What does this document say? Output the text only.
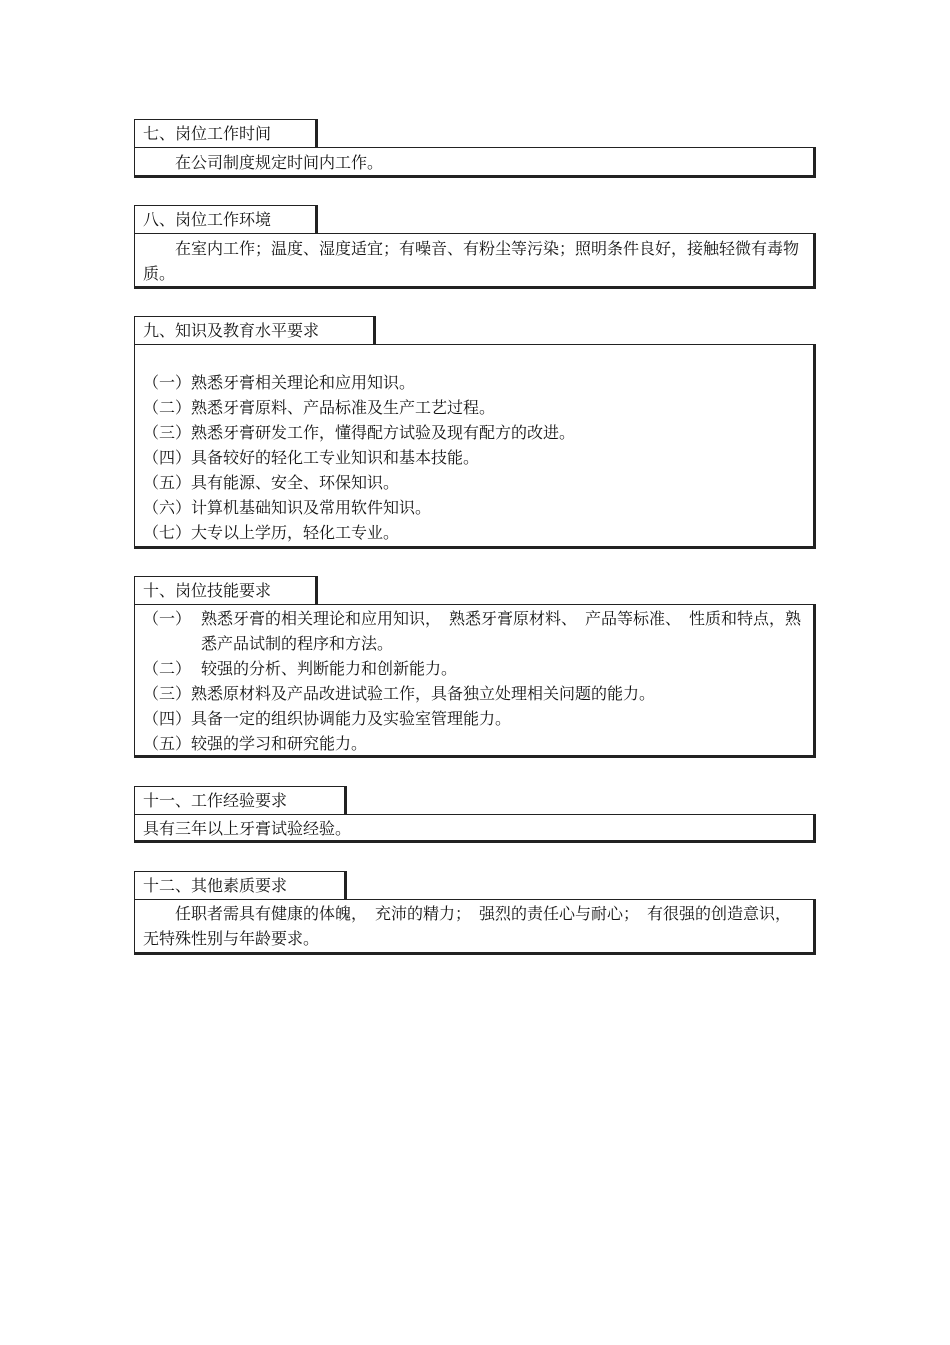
七、岗位工作时间
在公司制度规定时间内工作。
八、岗位工作环境
在室内工作；温度、湿度适宜；有噪音、有粉尘等污染；照明条件良好，接触轻微有毒物质。
九、知识及教育水平要求
（一） 熟悉牙膏相关理论和应用知识。
（二） 熟悉牙膏原料、产品标准及生产工艺过程。
（三） 熟悉牙膏研发工作，懂得配方试验及现有配方的改进。
（四） 具备较好的轻化工专业知识和基本技能。
（五） 具有能源、安全、环保知识。
（六） 计算机基础知识及常用软件知识。
（七） 大专以上学历，轻化工专业。
十、岗位技能要求
（一） 熟悉牙膏的相关理论和应用知识，　熟悉牙膏原材料、　产品等标准、　性质和特点，熟悉产品试制的程序和方法。
（二） 较强的分析、判断能力和创新能力。
（三） 熟悉原材料及产品改进试验工作，具备独立处理相关问题的能力。
（四） 具备一定的组织协调能力及实验室管理能力。
（五） 较强的学习和研究能力。
十一、工作经验要求
具有三年以上牙膏试验经验。
十二、其他素质要求
任职者需具有健康的体魄，　充沛的精力；　强烈的责任心与耐心；　有很强的创造意识，无特殊性别与年龄要求。
